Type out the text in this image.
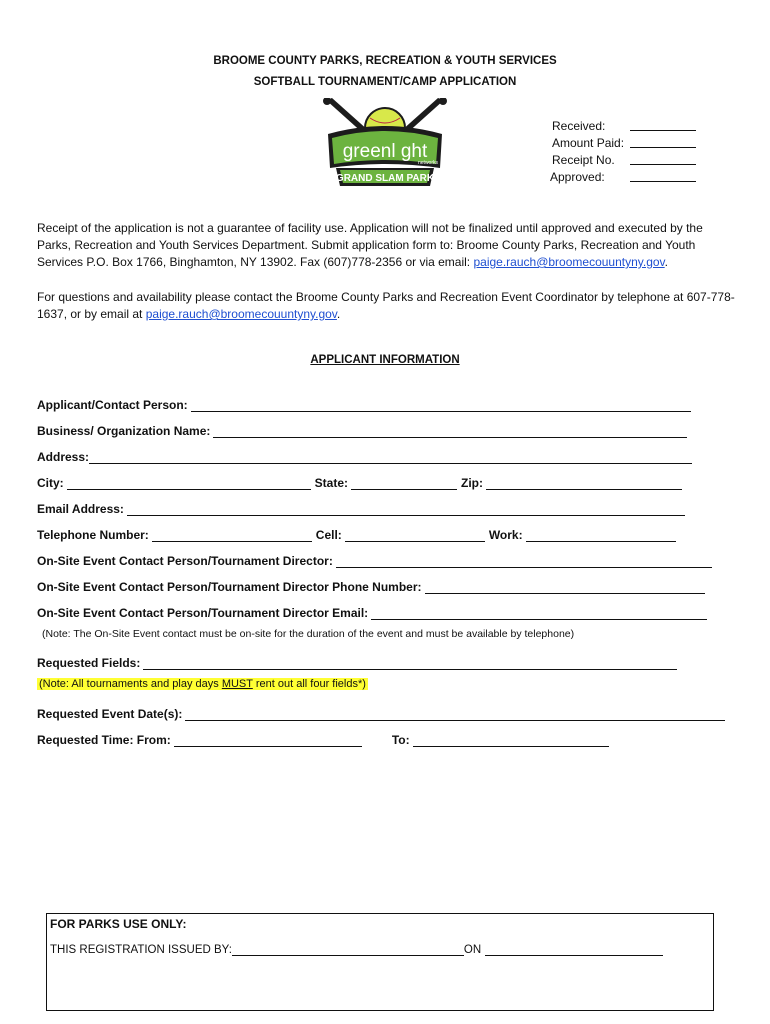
BROOME COUNTY PARKS, RECREATION & YOUTH SERVICES
SOFTBALL TOURNAMENT/CAMP APPLICATION
greenl ght
networks
GRAND SLAM PARK
Received:
Amount Paid:
Receipt No.
Approved:
Receipt of the application is not a guarantee of facility use. Application will not be finalized until approved and executed by the Parks, Recreation and Youth Services Department. Submit application form to: Broome County Parks, Recreation and Youth Services P.O. Box 1766, Binghamton, NY 13902. Fax (607)778-2356 or via email: paige.rauch@broomecouuntyny.gov.
For questions and availability please contact the Broome County Parks and Recreation Event Coordinator by telephone at 607-778-1637, or by email at paige.rauch@broomecouuntyny.gov.
APPLICANT INFORMATION
Applicant/Contact Person:
Business/ Organization Name:
Address:
City:	State:	Zip:
Email Address:
Telephone Number:	Cell:	Work:
On-Site Event Contact Person/Tournament Director:
On-Site Event Contact Person/Tournament Director Phone Number:
On-Site Event Contact Person/Tournament Director Email:
(Note: The On-Site Event contact must be on-site for the duration of the event and must be available by telephone)
Requested Fields:
(Note: All tournaments and play days MUST rent out all four fields*)
Requested Event Date(s):
Requested Time: From:	To:
FOR PARKS USE ONLY:
THIS REGISTRATION ISSUED BY:	ON
